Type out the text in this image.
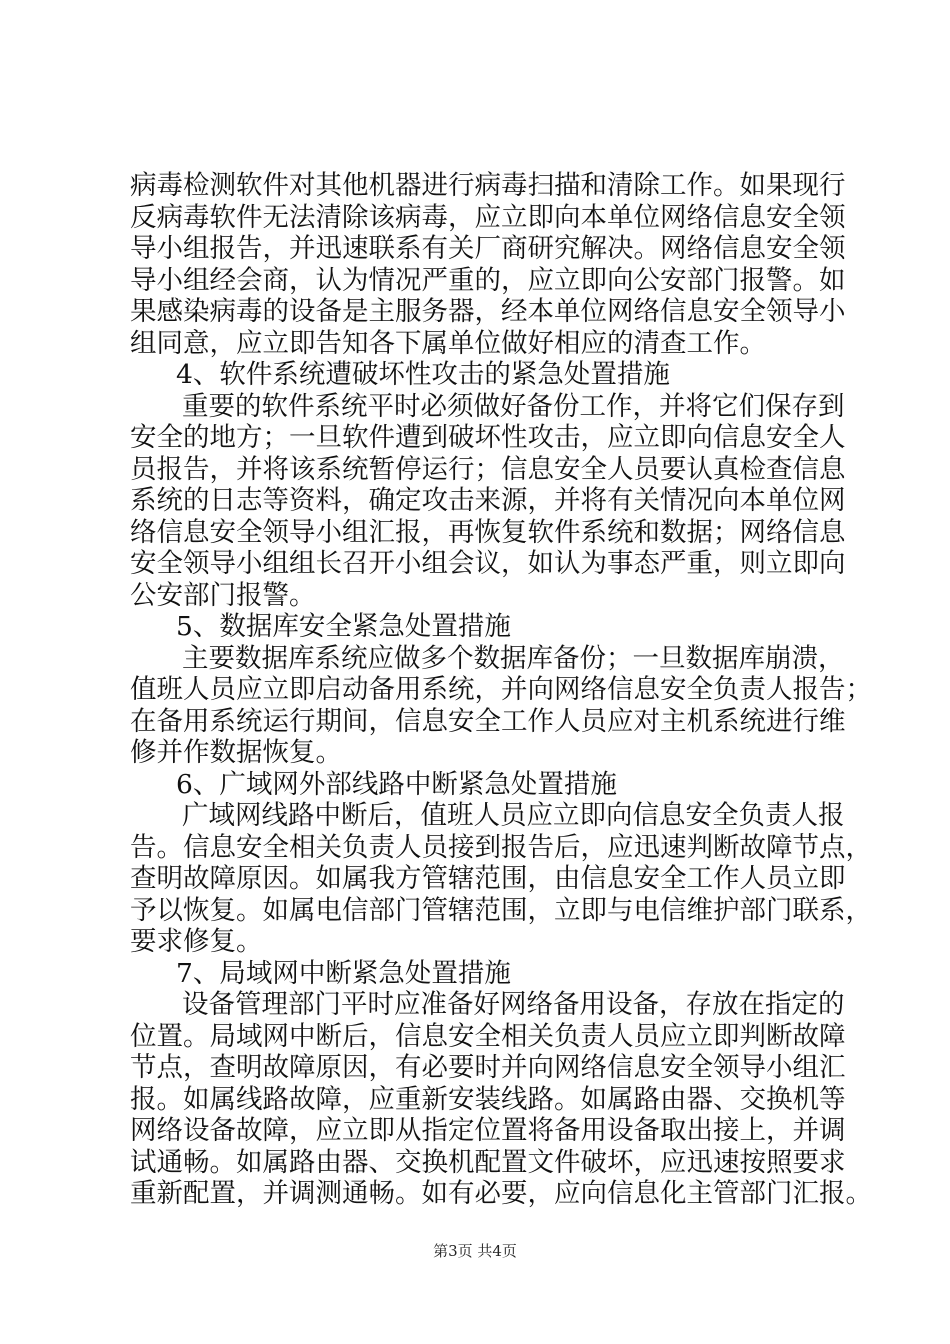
病毒检测软件对其他机器进行病毒扫描和清除工作。如果现行
反病毒软件无法清除该病毒，应立即向本单位网络信息安全领
导小组报告，并迅速联系有关厂商研究解决。网络信息安全领
导小组经会商，认为情况严重的，应立即向公安部门报警。如
果感染病毒的设备是主服务器，经本单位网络信息安全领导小
组同意，应立即告知各下属单位做好相应的清查工作。
4、软件系统遭破坏性攻击的紧急处置措施
重要的软件系统平时必须做好备份工作，并将它们保存到
安全的地方；一旦软件遭到破坏性攻击，应立即向信息安全人
员报告，并将该系统暂停运行；信息安全人员要认真检查信息
系统的日志等资料，确定攻击来源，并将有关情况向本单位网
络信息安全领导小组汇报，再恢复软件系统和数据；网络信息
安全领导小组组长召开小组会议，如认为事态严重，则立即向
公安部门报警。
5、数据库安全紧急处置措施
主要数据库系统应做多个数据库备份；一旦数据库崩溃，
值班人员应立即启动备用系统，并向网络信息安全负责人报告；
在备用系统运行期间，信息安全工作人员应对主机系统进行维
修并作数据恢复。
6、广域网外部线路中断紧急处置措施
广域网线路中断后，值班人员应立即向信息安全负责人报
告。信息安全相关负责人员接到报告后，应迅速判断故障节点，
查明故障原因。如属我方管辖范围，由信息安全工作人员立即
予以恢复。如属电信部门管辖范围，立即与电信维护部门联系，
要求修复。
7、局域网中断紧急处置措施
设备管理部门平时应准备好网络备用设备，存放在指定的
位置。局域网中断后，信息安全相关负责人员应立即判断故障
节点，查明故障原因，有必要时并向网络信息安全领导小组汇
报。如属线路故障，应重新安装线路。如属路由器、交换机等
网络设备故障，应立即从指定位置将备用设备取出接上，并调
试通畅。如属路由器、交换机配置文件破坏，应迅速按照要求
重新配置，并调测通畅。如有必要，应向信息化主管部门汇报。
第3页 共4页
